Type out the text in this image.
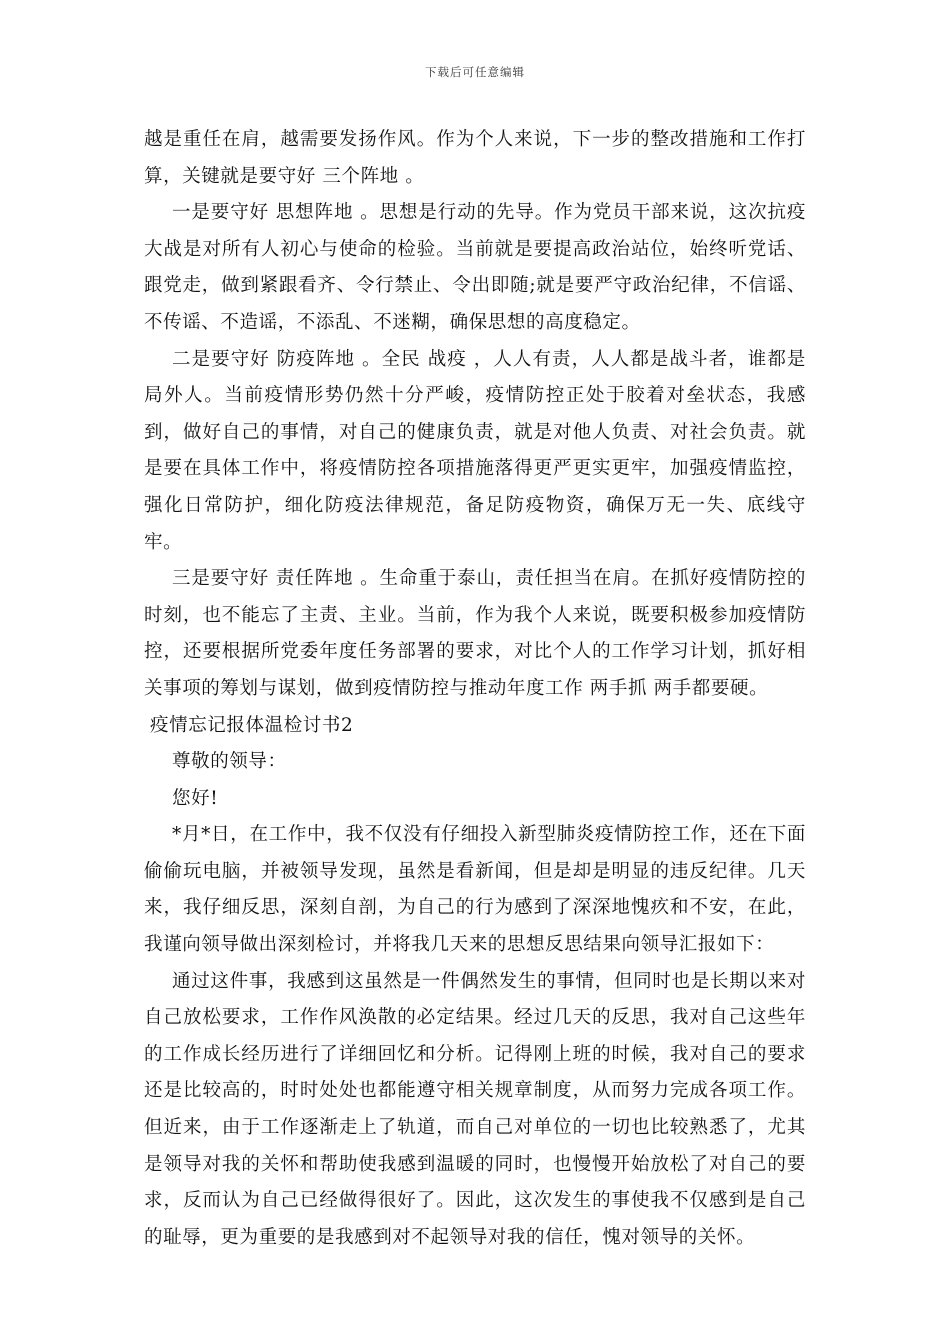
下载后可任意编辑

越是重任在肩，越需要发扬作风。作为个人来说，下一步的整改措施和工作打算，关键就是要守好 三个阵地 。

一是要守好 思想阵地 。思想是行动的先导。作为党员干部来说，这次抗疫大战是对所有人初心与使命的检验。当前就是要提高政治站位，始终听党话、跟党走，做到紧跟看齐、令行禁止、令出即随;就是要严守政治纪律，不信谣、不传谣、不造谣，不添乱、不迷糊，确保思想的高度稳定。

二是要守好 防疫阵地 。全民 战疫 ，人人有责，人人都是战斗者，谁都是局外人。当前疫情形势仍然十分严峻，疫情防控正处于胶着对垒状态，我感到，做好自己的事情，对自己的健康负责，就是对他人负责、对社会负责。就是要在具体工作中，将疫情防控各项措施落得更严更实更牢，加强疫情监控，强化日常防护，细化防疫法律规范，备足防疫物资，确保万无一失、底线守牢。

三是要守好 责任阵地 。生命重于泰山，责任担当在肩。在抓好疫情防控的时刻，也不能忘了主责、主业。当前，作为我个人来说，既要积极参加疫情防控，还要根据所党委年度任务部署的要求，对比个人的工作学习计划，抓好相关事项的筹划与谋划，做到疫情防控与推动年度工作 两手抓 两手都要硬。

疫情忘记报体温检讨书2

尊敬的领导：

您好!

*月*日，在工作中，我不仅没有仔细投入新型肺炎疫情防控工作，还在下面偷偷玩电脑，并被领导发现，虽然是看新闻，但是却是明显的违反纪律。几天来，我仔细反思，深刻自剖，为自己的行为感到了深深地愧疚和不安，在此，我谨向领导做出深刻检讨，并将我几天来的思想反思结果向领导汇报如下：

通过这件事，我感到这虽然是一件偶然发生的事情，但同时也是长期以来对自己放松要求，工作作风涣散的必定结果。经过几天的反思，我对自己这些年的工作成长经历进行了详细回忆和分析。记得刚上班的时候，我对自己的要求还是比较高的，时时处处也都能遵守相关规章制度，从而努力完成各项工作。但近来，由于工作逐渐走上了轨道，而自己对单位的一切也比较熟悉了，尤其是领导对我的关怀和帮助使我感到温暖的同时，也慢慢开始放松了对自己的要求，反而认为自己已经做得很好了。因此，这次发生的事使我不仅感到是自己的耻辱，更为重要的是我感到对不起领导对我的信任，愧对领导的关怀。
